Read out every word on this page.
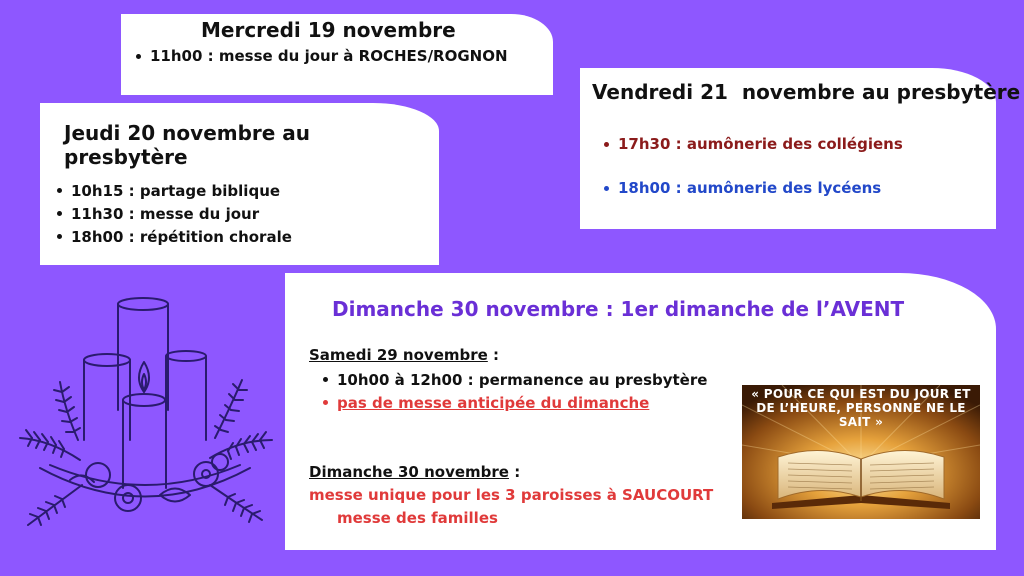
Mercredi 19 novembre
11h00 : messe du jour à ROCHES/ROGNON
Jeudi 20 novembre au presbytère
10h15 : partage biblique
11h30 : messe du jour
18h00 : répétition chorale
Vendredi 21  novembre au presbytère
17h30 : aumônerie des collégiens
18h00 : aumônerie des lycéens
Dimanche 30 novembre : 1er dimanche de l’AVENT
Samedi 29 novembre :
10h00 à 12h00 : permanence au presbytère
pas de messe anticipée du dimanche
Dimanche 30 novembre :
messe unique pour les 3 paroisses à SAUCOURT
messe des familles
« POUR CE QUI EST DU JOUR ET DE L’HEURE, PERSONNE NE LE SAIT »
